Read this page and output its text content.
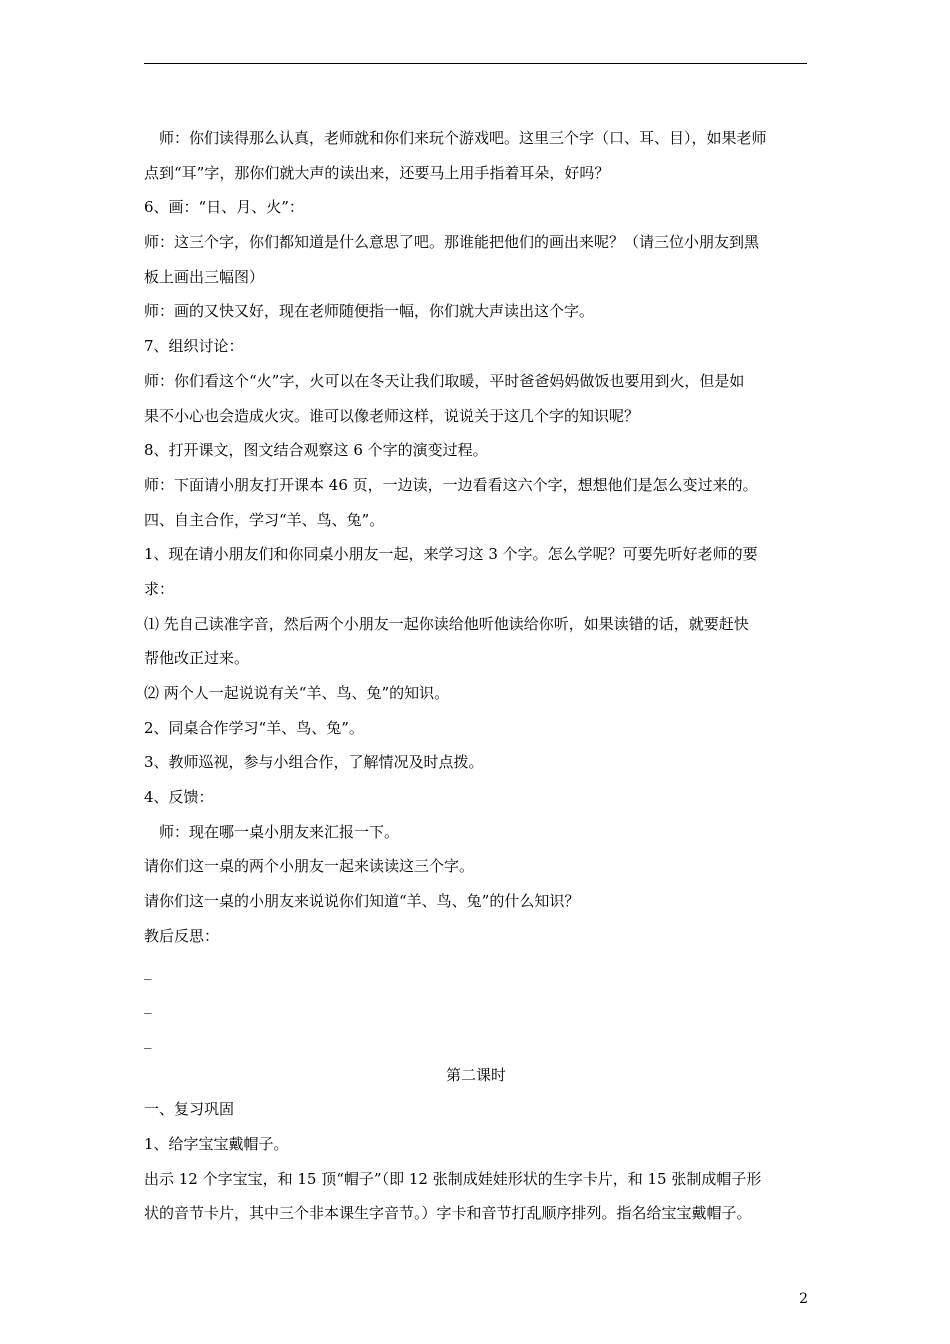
师：你们读得那么认真，老师就和你们来玩个游戏吧。这里三个字（口、耳、目），如果老师
点到“耳”字，那你们就大声的读出来，还要马上用手指着耳朵，好吗？
6、画：“日、月、火”：
师：这三个字，你们都知道是什么意思了吧。那谁能把他们的画出来呢？（请三位小朋友到黑
板上画出三幅图）
师：画的又快又好，现在老师随便指一幅，你们就大声读出这个字。
7、组织讨论：
师：你们看这个“火”字，火可以在冬天让我们取暖，平时爸爸妈妈做饭也要用到火，但是如
果不小心也会造成火灾。谁可以像老师这样，说说关于这几个字的知识呢？
8、打开课文，图文结合观察这 6 个字的演变过程。
师：下面请小朋友打开课本 46 页，一边读，一边看看这六个字，想想他们是怎么变过来的。
四、自主合作，学习“羊、鸟、兔”。
1、现在请小朋友们和你同桌小朋友一起，来学习这 3 个字。怎么学呢？可要先听好老师的要
求：
⑴ 先自己读准字音，然后两个小朋友一起你读给他听他读给你听，如果读错的话，就要赶快
帮他改正过来。
⑵ 两个人一起说说有关“羊、鸟、兔”的知识。
2、同桌合作学习“羊、鸟、兔”。
3、教师巡视，参与小组合作，了解情况及时点拨。
4、反馈：
师：现在哪一桌小朋友来汇报一下。
请你们这一桌的两个小朋友一起来读读这三个字。
请你们这一桌的小朋友来说说你们知道“羊、鸟、兔”的什么知识？
教后反思：
_
_
_
第二课时
一、复习巩固
1、给字宝宝戴帽子。
出示 12 个字宝宝，和 15 顶“帽子”（即 12 张制成娃娃形状的生字卡片，和 15 张制成帽子形
状的音节卡片，其中三个非本课生字音节。）字卡和音节打乱顺序排列。指名给宝宝戴帽子。
2
